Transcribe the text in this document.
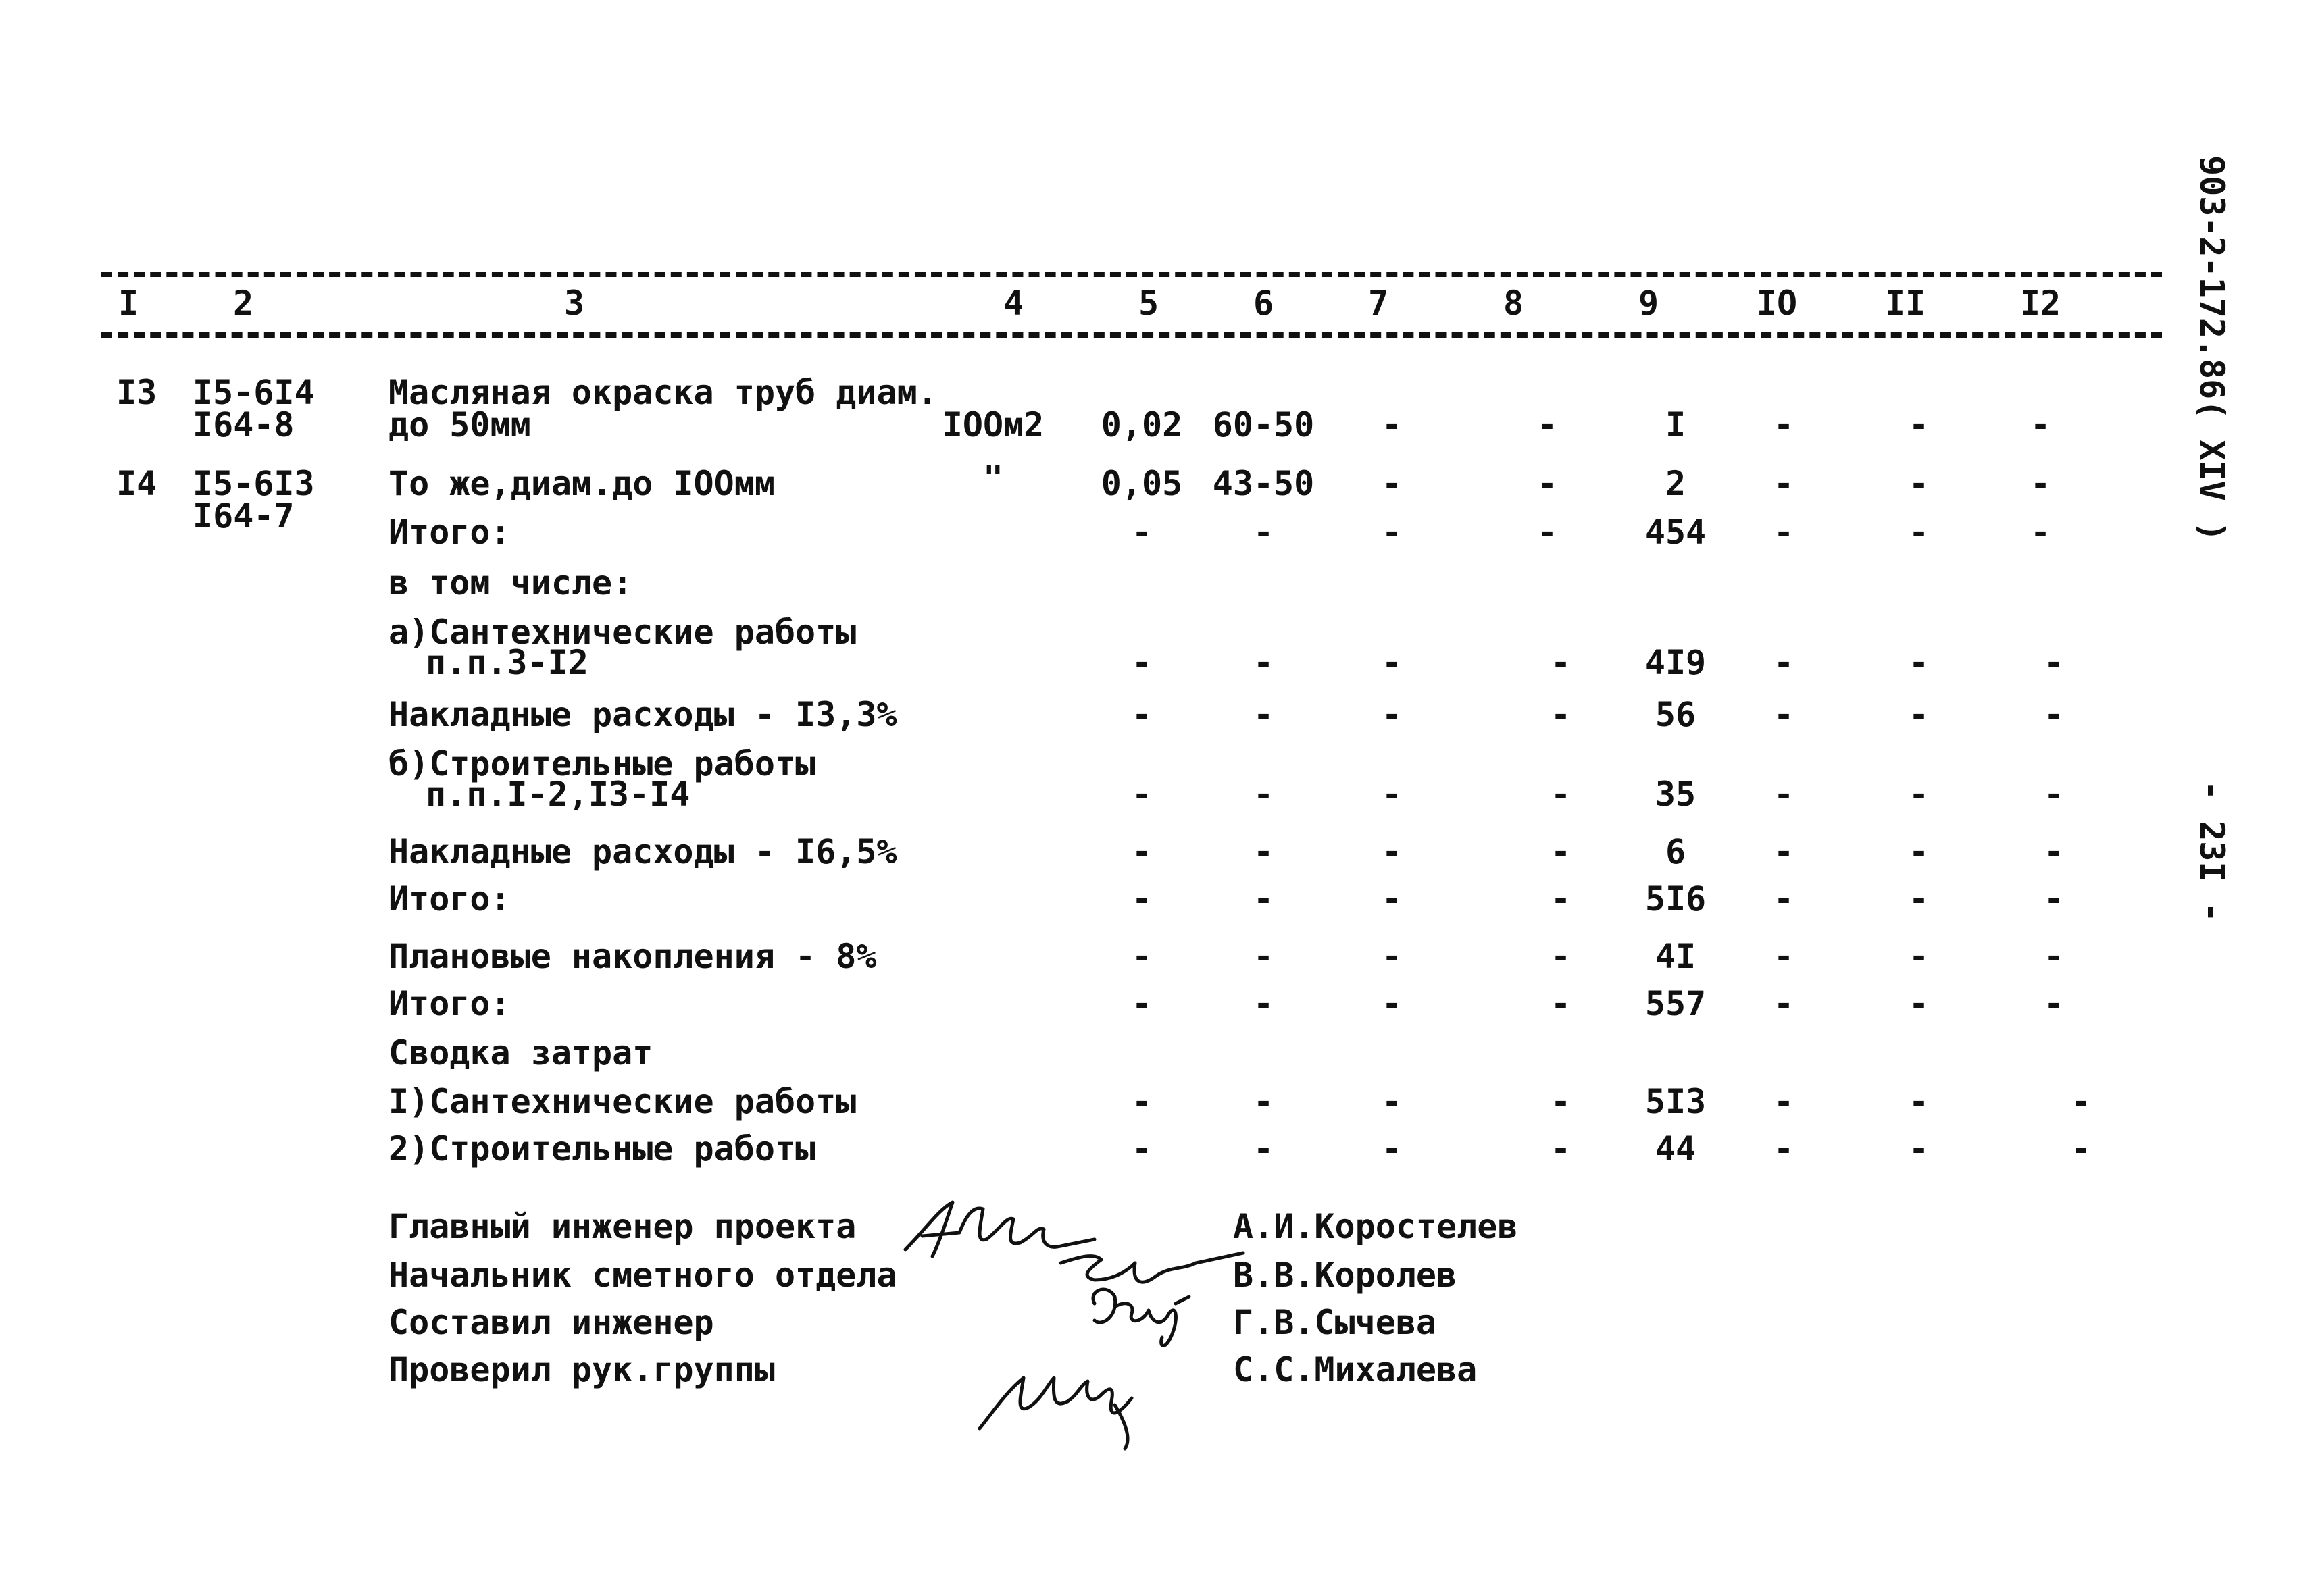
I	2	3	4	5	6	7	8	9	IO	II	I2
I3 I5-6I4
I64-8
Масляная окраска труб диам.
до 50мм	IOOм2	0,02 60-50	-	-	I	-	-	-
I4 I5-6I3
I64-7
То же,диам.до IOOмм	"	0,05 43-50	-	-	2	-	-	-
Итого:	-	-	-	-	454	-	-	-
в том числе:
а)Сантехнические работы
п.п.3-I2	-	-	-	-	4I9	-	-	-
Накладные расходы - I3,3%	-	-	-	-	56	-	-	-
б)Строительные работы
п.п.I-2,I3-I4	-	-	-	-	35	-	-	-
Накладные расходы - I6,5%	-	-	-	-	6	-	-	-
Итого:	-	-	-	-	5I6	-	-	-
Плановые накопления - 8%	-	-	-	-	4I	-	-	-
Итого:	-	-	-	-	557	-	-	-
Сводка затрат
I)Сантехнические работы	-	-	-	-	5I3	-	-	-
2)Строительные работы	-	-	-	-	44	-	-	-
Главный инженер проекта	А.И.Коростелев
Начальник сметного отдела	В.В.Королев
Составил инженер	Г.В.Сычева
Проверил рук.группы	С.С.Михалева
903-2-172.86( XIV )
- 23I -
